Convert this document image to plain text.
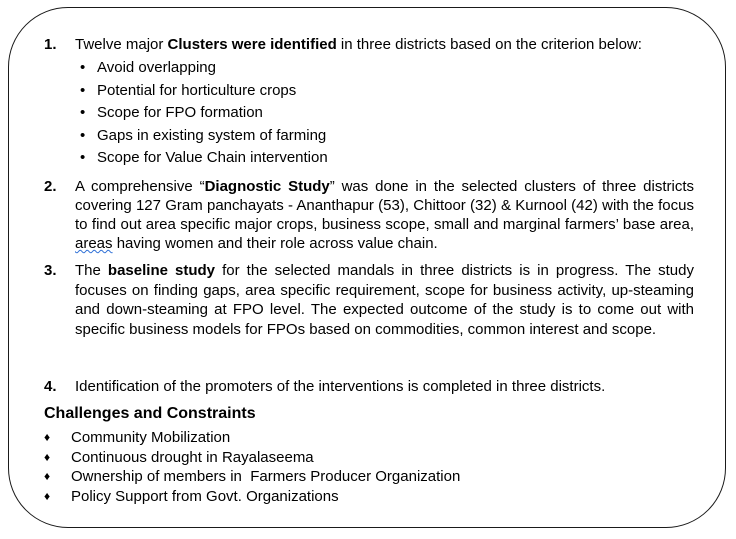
1. Twelve major Clusters were identified in three districts based on the criterion below:
• Avoid overlapping
• Potential for horticulture crops
• Scope for FPO formation
• Gaps in existing system of farming
• Scope for Value Chain intervention
2. A comprehensive “Diagnostic Study” was done in the selected clusters of three districts covering 127 Gram panchayats - Ananthapur (53), Chittoor (32) & Kurnool (42) with the focus to find out area specific major crops, business scope, small and marginal farmers’ base area, areas having women and their role across value chain.
3. The baseline study for the selected mandals in three districts is in progress. The study focuses on finding gaps, area specific requirement, scope for business activity, up-steaming and down-steaming at FPO level. The expected outcome of the study is to come out with specific business models for FPOs based on commodities, common interest and scope.
4. Identification of the promoters of the interventions is completed in three districts.
Challenges and Constraints
♦ Community Mobilization
♦ Continuous drought in Rayalaseema
♦ Ownership of members in  Farmers Producer Organization
♦ Policy Support from Govt. Organizations
